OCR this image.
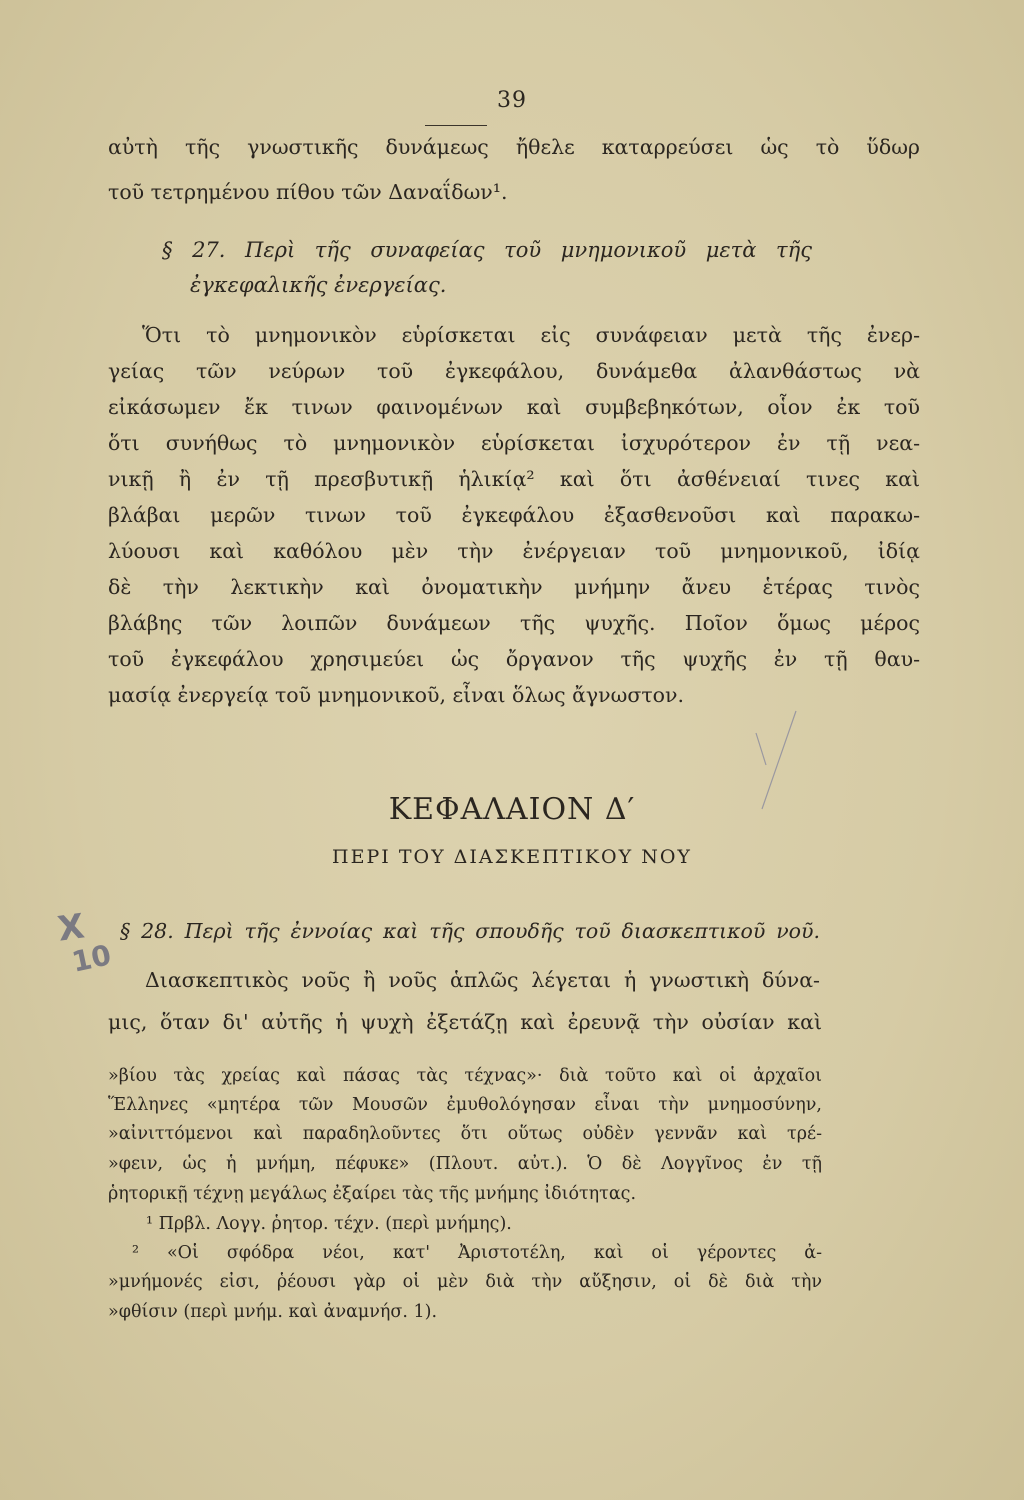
39
αὐτὴ τῆς γνωστικῆς δυνάμεως ἤθελε καταρρεύσει ὡς τὸ ὕδωρ
τοῦ τετρημένου πίθου τῶν Δαναΐδων¹.
§ 27. Περὶ τῆς συναφείας τοῦ μνημονικοῦ μετὰ τῆς
ἐγκεφαλικῆς ἐνεργείας.
Ὅτι τὸ μνημονικὸν εὑρίσκεται εἰς συνάφειαν μετὰ τῆς ἐνερ-
γείας τῶν νεύρων τοῦ ἐγκεφάλου, δυνάμεθα ἀλανθάστως νὰ
εἰκάσωμεν ἔκ τινων φαινομένων καὶ συμβεβηκότων, οἷον ἐκ τοῦ
ὅτι συνήθως τὸ μνημονικὸν εὑρίσκεται ἰσχυρότερον ἐν τῇ νεα-
νικῇ ἢ ἐν τῇ πρεσβυτικῇ ἡλικίᾳ² καὶ ὅτι ἀσθένειαί τινες καὶ
βλάβαι μερῶν τινων τοῦ ἐγκεφάλου ἐξασθενοῦσι καὶ παρακω-
λύουσι καὶ καθόλου μὲν τὴν ἐνέργειαν τοῦ μνημονικοῦ, ἰδίᾳ
δὲ τὴν λεκτικὴν καὶ ὀνοματικὴν μνήμην ἄνευ ἑτέρας τινὸς
βλάβης τῶν λοιπῶν δυνάμεων τῆς ψυχῆς. Ποῖον ὅμως μέρος
τοῦ ἐγκεφάλου χρησιμεύει ὡς ὄργανον τῆς ψυχῆς ἐν τῇ θαυ-
μασίᾳ ἐνεργείᾳ τοῦ μνημονικοῦ, εἶναι ὅλως ἄγνωστον.
ΚΕΦΑΛΑΙΟΝ Δ′
ΠΕΡΙ ΤΟΥ ΔΙΑΣΚΕΠΤΙΚΟΥ ΝΟΥ
X
10
§ 28. Περὶ τῆς ἐννοίας καὶ τῆς σπουδῆς τοῦ διασκεπτικοῦ νοῦ.
Διασκεπτικὸς νοῦς ἢ νοῦς ἁπλῶς λέγεται ἡ γνωστικὴ δύνα-
μις, ὅταν δι' αὐτῆς ἡ ψυχὴ ἐξετάζῃ καὶ ἐρευνᾷ τὴν οὐσίαν καὶ
»βίου τὰς χρείας καὶ πάσας τὰς τέχνας»· διὰ τοῦτο καὶ οἱ ἀρχαῖοι
Ἕλληνες «μητέρα τῶν Μουσῶν ἐμυθολόγησαν εἶναι τὴν μνημοσύνην,
»αἰνιττόμενοι καὶ παραδηλοῦντες ὅτι οὕτως οὐδὲν γεννᾶν καὶ τρέ-
»φειν, ὡς ἡ μνήμη, πέφυκε» (Πλουτ. αὐτ.). Ὁ δὲ Λογγῖνος ἐν τῇ
ῥητορικῇ τέχνῃ μεγάλως ἐξαίρει τὰς τῆς μνήμης ἰδιότητας.
¹ Πρβλ. Λογγ. ῥητορ. τέχν. (περὶ μνήμης).
² «Οἱ σφόδρα νέοι, κατ' Ἀριστοτέλη, καὶ οἱ γέροντες ἀ-
»μνήμονές εἰσι, ῥέουσι γὰρ οἱ μὲν διὰ τὴν αὔξησιν, οἱ δὲ διὰ τὴν
»φθίσιν (περὶ μνήμ. καὶ ἀναμνήσ. 1).
